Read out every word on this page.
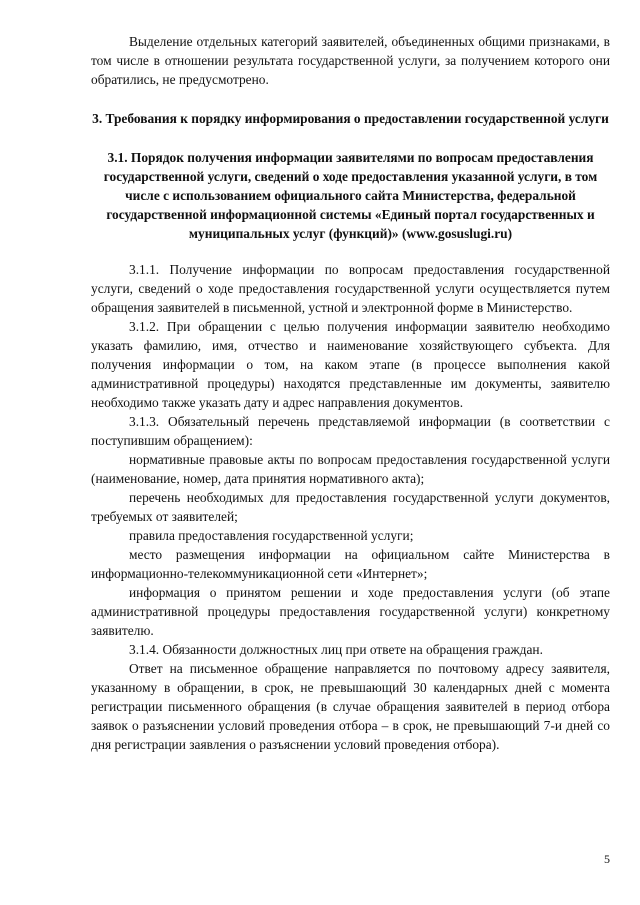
Выделение отдельных категорий заявителей, объединенных общими признаками, в том числе в отношении результата государственной услуги, за получением которого они обратились, не предусмотрено.

3. Требования к порядку информирования о предоставлении государственной услуги

3.1. Порядок получения информации заявителями по вопросам предоставления государственной услуги, сведений о ходе предоставления указанной услуги, в том числе с использованием официального сайта Министерства, федеральной государственной информационной системы «Единый портал государственных и муниципальных услуг (функций)» (www.gosuslugi.ru)

3.1.1. Получение информации по вопросам предоставления государственной услуги, сведений о ходе предоставления государственной услуги осуществляется путем обращения заявителей в письменной, устной и электронной форме в Министерство.

3.1.2. При обращении с целью получения информации заявителю необходимо указать фамилию, имя, отчество и наименование хозяйствующего субъекта. Для получения информации о том, на каком этапе (в процессе выполнения какой административной процедуры) находятся представленные им документы, заявителю необходимо также указать дату и адрес направления документов.

3.1.3. Обязательный перечень представляемой информации (в соответствии с поступившим обращением):

нормативные правовые акты по вопросам предоставления государственной услуги (наименование, номер, дата принятия нормативного акта);

перечень необходимых для предоставления государственной услуги документов, требуемых от заявителей;

правила предоставления государственной услуги;

место размещения информации на официальном сайте Министерства в информационно-телекоммуникационной сети «Интернет»;

информация о принятом решении и ходе предоставления услуги (об этапе административной процедуры предоставления государственной услуги) конкретному заявителю.

3.1.4. Обязанности должностных лиц при ответе на обращения граждан.

Ответ на письменное обращение направляется по почтовому адресу заявителя, указанному в обращении, в срок, не превышающий 30 календарных дней с момента регистрации письменного обращения (в случае обращения заявителей в период отбора заявок о разъяснении условий проведения отбора – в срок, не превышающий 7-и дней со дня регистрации заявления о разъяснении условий проведения отбора).

5
